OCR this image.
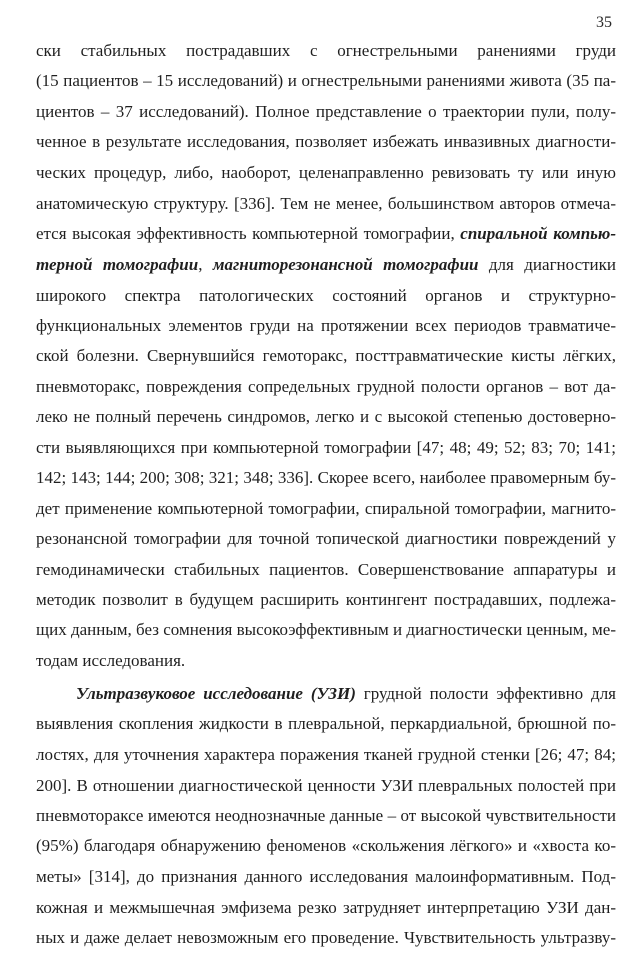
35
ски стабильных пострадавших с огнестрельными ранениями груди
(15 пациентов – 15 исследований) и огнестрельными ранениями живота (35 па-
циентов – 37 исследований). Полное представление о траектории пули, полу-
ченное в результате исследования, позволяет избежать инвазивных диагности-
ческих процедур, либо, наоборот, целенаправленно ревизовать ту или иную
анатомическую структуру. [336]. Тем не менее, большинством авторов отмеча-
ется высокая эффективность компьютерной томографии, спиральной компью-
терной томографии, магниторезонансной томографии для диагностики
широкого спектра патологических состояний органов и структурно-
функциональных элементов груди на протяжении всех периодов травматиче-
ской болезни. Свернувшийся гемоторакс, посттравматические кисты лёгких,
пневмоторакс, повреждения сопредельных грудной полости органов – вот да-
леко не полный перечень синдромов, легко и с высокой степенью достоверно-
сти выявляющихся при компьютерной томографии [47; 48; 49; 52; 83; 70; 141;
142; 143; 144; 200; 308; 321; 348; 336]. Скорее всего, наиболее правомерным бу-
дет применение компьютерной томографии, спиральной томографии, магнито-
резонансной томографии для точной топической диагностики повреждений у
гемодинамически стабильных пациентов. Совершенствование аппаратуры и
методик позволит в будущем расширить контингент пострадавших, подлежа-
щих данным, без сомнения высокоэффективным и диагностически ценным, ме-
тодам исследования.
Ультразвуковое исследование (УЗИ) грудной полости эффективно для
выявления скопления жидкости в плевральной, перкардиальной, брюшной по-
лостях, для уточнения характера поражения тканей грудной стенки [26; 47; 84;
200]. В отношении диагностической ценности УЗИ плевральных полостей при
пневмотораксе имеются неоднозначные данные – от высокой чувствительности
(95%) благодаря обнаружению феноменов «скольжения лёгкого» и «хвоста ко-
меты» [314], до признания данного исследования малоинформативным. Под-
кожная и межмышечная эмфизема резко затрудняет интерпретацию УЗИ дан-
ных и даже делает невозможным его проведение. Чувствительность ультразву-
